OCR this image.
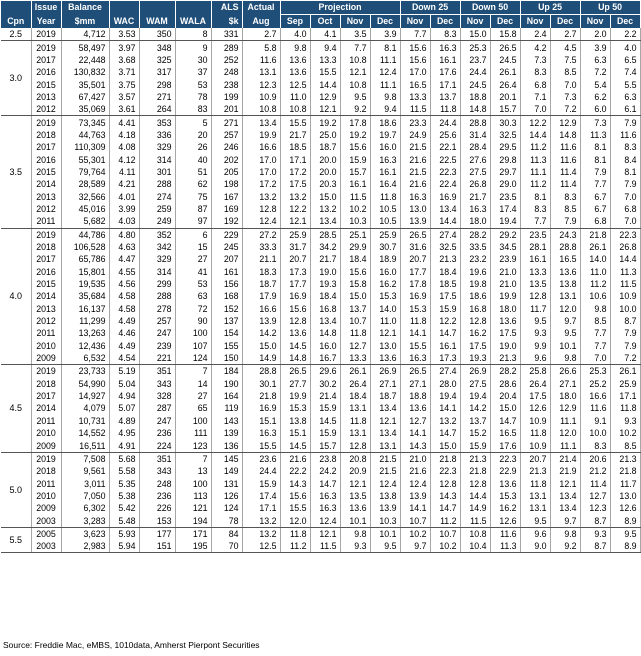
	Issue	Balance				ALS	Actual	Projection				Down 25		Down 50		Up 25		Up 50	
Cpn	Year	$mm	WAC	WAM	WALA	$k	Aug	Sep	Oct	Nov	Dec	Nov	Dec	Nov	Dec	Nov	Dec	Nov	Dec
2.5	2019	4,712	3.53	350	8	331	2.7	4.0	4.1	3.5	3.9	7.7	8.3	15.0	15.8	2.4	2.7	2.0	2.2
3.0	2019	58,497	3.97	348	9	289	5.8	9.8	9.4	7.7	8.1	15.6	16.3	25.3	26.5	4.2	4.5	3.9	4.0
	2017	22,448	3.68	325	30	252	11.6	13.6	13.3	10.8	11.1	15.6	16.1	23.7	24.5	7.3	7.5	6.3	6.5
	2016	130,832	3.71	317	37	248	13.1	13.6	15.5	12.1	12.4	17.0	17.6	24.4	26.1	8.3	8.5	7.2	7.4
	2015	35,501	3.75	298	53	238	12.3	12.5	14.4	10.8	11.1	16.5	17.1	24.5	26.4	6.8	7.0	5.4	5.5
	2013	67,427	3.57	271	78	199	10.9	11.0	12.9	9.5	9.8	13.3	13.7	18.8	20.1	7.1	7.3	6.2	6.3
	2012	35,069	3.61	264	83	201	10.8	10.8	12.1	9.2	9.4	11.5	11.8	14.8	15.7	7.0	7.2	6.0	6.1
3.5	2019	73,345	4.41	353	5	271	13.4	15.5	19.2	17.8	18.6	23.3	24.4	28.8	30.3	12.2	12.9	7.3	7.9
	2018	44,763	4.18	336	20	257	19.9	21.7	25.0	19.2	19.7	24.9	25.6	31.4	32.5	14.4	14.8	11.3	11.6
	2017	110,309	4.08	329	26	246	16.6	18.5	18.7	15.6	16.0	21.5	22.1	28.4	29.5	11.2	11.6	8.1	8.3
	2016	55,301	4.12	314	40	202	17.0	17.1	20.0	15.9	16.3	21.6	22.5	27.6	29.8	11.3	11.6	8.1	8.4
	2015	79,764	4.11	301	51	205	17.0	17.2	20.0	15.7	16.1	21.5	22.3	27.5	29.7	11.1	11.4	7.9	8.1
	2014	28,589	4.21	288	62	198	17.2	17.5	20.3	16.1	16.4	21.6	22.4	26.8	29.0	11.2	11.4	7.7	7.9
	2013	32,566	4.01	274	75	167	13.2	13.2	15.0	11.5	11.8	16.3	16.9	21.7	23.5	8.1	8.3	6.7	7.0
	2012	45,016	3.99	259	87	169	12.8	12.2	13.2	10.2	10.5	13.0	13.4	16.3	17.4	8.3	8.5	6.7	6.8
	2011	5,682	4.03	249	97	192	12.4	12.1	13.4	10.3	10.5	13.9	14.4	18.0	19.4	7.7	7.9	6.8	7.0
4.0	2019	44,786	4.80	352	6	229	27.2	25.9	28.5	25.1	25.9	26.5	27.4	28.2	29.2	23.5	24.3	21.8	22.3
	2018	106,528	4.63	342	15	245	33.3	31.7	34.2	29.9	30.7	31.6	32.5	33.5	34.5	28.1	28.8	26.1	26.8
	2017	65,786	4.47	329	27	207	21.1	20.7	21.7	18.4	18.9	20.7	21.3	23.2	23.9	16.1	16.5	14.0	14.4
	2016	15,801	4.55	314	41	161	18.3	17.3	19.0	15.6	16.0	17.7	18.4	19.6	21.0	13.3	13.6	11.0	11.3
	2015	19,535	4.56	299	53	156	18.7	17.7	19.3	15.8	16.2	17.8	18.5	19.8	21.0	13.5	13.8	11.2	11.5
	2014	35,684	4.58	288	63	168	17.9	16.9	18.4	15.0	15.3	16.9	17.5	18.6	19.9	12.8	13.1	10.6	10.9
	2013	16,137	4.58	278	72	152	16.6	15.6	16.8	13.7	14.0	15.3	15.9	16.8	18.0	11.7	12.0	9.8	10.0
	2012	11,299	4.49	257	90	137	13.9	12.8	13.4	10.7	11.0	11.8	12.2	12.8	13.6	9.5	9.7	8.5	8.7
	2011	13,263	4.46	247	100	154	14.2	13.6	14.8	11.8	12.1	14.1	14.7	16.2	17.5	9.3	9.5	7.7	7.9
	2010	12,436	4.49	239	107	155	15.0	14.5	16.0	12.7	13.0	15.5	16.1	17.5	19.0	9.9	10.1	7.7	7.9
	2009	6,532	4.54	221	124	150	14.9	14.8	16.7	13.3	13.6	16.3	17.3	19.3	21.3	9.6	9.8	7.0	7.2
4.5	2019	23,733	5.19	351	7	184	28.8	26.5	29.6	26.1	26.9	26.5	27.4	26.9	28.2	25.8	26.6	25.3	26.1
	2018	54,990	5.04	343	14	190	30.1	27.7	30.2	26.4	27.1	27.1	28.0	27.5	28.6	26.4	27.1	25.2	25.9
	2017	14,927	4.94	328	27	164	21.8	19.9	21.4	18.4	18.7	18.8	19.4	19.4	20.4	17.5	18.0	16.6	17.1
	2014	4,079	5.07	287	65	119	16.9	15.3	15.9	13.1	13.4	13.6	14.1	14.2	15.0	12.6	12.9	11.6	11.8
	2011	10,731	4.89	247	100	143	15.1	13.8	14.5	11.8	12.1	12.7	13.2	13.7	14.7	10.9	11.1	9.1	9.3
	2010	14,552	4.95	236	111	139	16.3	15.1	15.9	13.1	13.4	14.1	14.7	15.2	16.5	11.8	12.0	10.0	10.2
	2009	16,511	4.91	224	123	136	15.5	14.5	15.7	12.8	13.1	14.3	15.0	15.9	17.6	10.9	11.1	8.3	8.5
5.0	2019	7,508	5.68	351	7	145	23.6	21.6	23.8	20.8	21.5	21.0	21.8	21.3	22.3	20.7	21.4	20.6	21.3
	2018	9,561	5.58	343	13	149	24.4	22.2	24.2	20.9	21.5	21.6	22.3	21.8	22.9	21.3	21.9	21.2	21.8
	2011	3,011	5.35	248	100	131	15.9	14.3	14.7	12.1	12.4	12.4	12.8	12.8	13.6	11.8	12.1	11.4	11.7
	2010	7,050	5.38	236	113	126	17.4	15.6	16.3	13.5	13.8	13.9	14.3	14.4	15.3	13.1	13.4	12.7	13.0
	2009	6,302	5.42	226	121	124	17.1	15.5	16.3	13.6	13.9	14.1	14.7	14.9	16.2	13.1	13.4	12.3	12.6
	2003	3,283	5.48	153	194	78	13.2	12.0	12.4	10.1	10.3	10.7	11.2	11.5	12.6	9.5	9.7	8.7	8.9
5.5	2005	3,623	5.93	177	171	84	13.2	11.8	12.1	9.8	10.1	10.2	10.7	10.8	11.6	9.6	9.8	9.3	9.5
	2003	2,983	5.94	151	195	70	12.5	11.2	11.5	9.3	9.5	9.7	10.2	10.4	11.3	9.0	9.2	8.7	8.9
Source: Freddie Mac, eMBS, 1010data, Amherst Pierpont Securities
